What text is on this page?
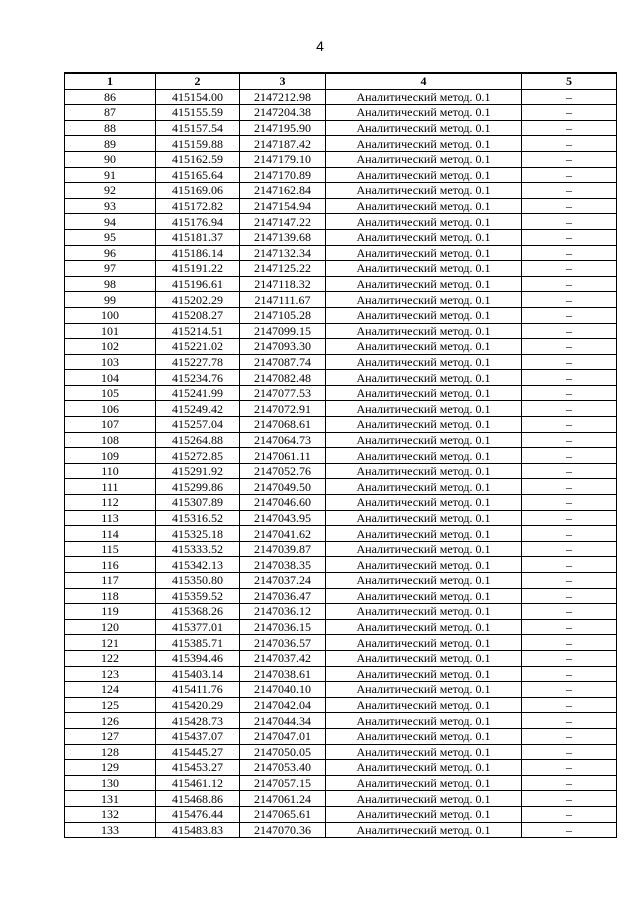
4
1	2	3	4	5
86	415154.00	2147212.98	Аналитический метод. 0.1	–
87	415155.59	2147204.38	Аналитический метод. 0.1	–
88	415157.54	2147195.90	Аналитический метод. 0.1	–
89	415159.88	2147187.42	Аналитический метод. 0.1	–
90	415162.59	2147179.10	Аналитический метод. 0.1	–
91	415165.64	2147170.89	Аналитический метод. 0.1	–
92	415169.06	2147162.84	Аналитический метод. 0.1	–
93	415172.82	2147154.94	Аналитический метод. 0.1	–
94	415176.94	2147147.22	Аналитический метод. 0.1	–
95	415181.37	2147139.68	Аналитический метод. 0.1	–
96	415186.14	2147132.34	Аналитический метод. 0.1	–
97	415191.22	2147125.22	Аналитический метод. 0.1	–
98	415196.61	2147118.32	Аналитический метод. 0.1	–
99	415202.29	2147111.67	Аналитический метод. 0.1	–
100	415208.27	2147105.28	Аналитический метод. 0.1	–
101	415214.51	2147099.15	Аналитический метод. 0.1	–
102	415221.02	2147093.30	Аналитический метод. 0.1	–
103	415227.78	2147087.74	Аналитический метод. 0.1	–
104	415234.76	2147082.48	Аналитический метод. 0.1	–
105	415241.99	2147077.53	Аналитический метод. 0.1	–
106	415249.42	2147072.91	Аналитический метод. 0.1	–
107	415257.04	2147068.61	Аналитический метод. 0.1	–
108	415264.88	2147064.73	Аналитический метод. 0.1	–
109	415272.85	2147061.11	Аналитический метод. 0.1	–
110	415291.92	2147052.76	Аналитический метод. 0.1	–
111	415299.86	2147049.50	Аналитический метод. 0.1	–
112	415307.89	2147046.60	Аналитический метод. 0.1	–
113	415316.52	2147043.95	Аналитический метод. 0.1	–
114	415325.18	2147041.62	Аналитический метод. 0.1	–
115	415333.52	2147039.87	Аналитический метод. 0.1	–
116	415342.13	2147038.35	Аналитический метод. 0.1	–
117	415350.80	2147037.24	Аналитический метод. 0.1	–
118	415359.52	2147036.47	Аналитический метод. 0.1	–
119	415368.26	2147036.12	Аналитический метод. 0.1	–
120	415377.01	2147036.15	Аналитический метод. 0.1	–
121	415385.71	2147036.57	Аналитический метод. 0.1	–
122	415394.46	2147037.42	Аналитический метод. 0.1	–
123	415403.14	2147038.61	Аналитический метод. 0.1	–
124	415411.76	2147040.10	Аналитический метод. 0.1	–
125	415420.29	2147042.04	Аналитический метод. 0.1	–
126	415428.73	2147044.34	Аналитический метод. 0.1	–
127	415437.07	2147047.01	Аналитический метод. 0.1	–
128	415445.27	2147050.05	Аналитический метод. 0.1	–
129	415453.27	2147053.40	Аналитический метод. 0.1	–
130	415461.12	2147057.15	Аналитический метод. 0.1	–
131	415468.86	2147061.24	Аналитический метод. 0.1	–
132	415476.44	2147065.61	Аналитический метод. 0.1	–
133	415483.83	2147070.36	Аналитический метод. 0.1	–
